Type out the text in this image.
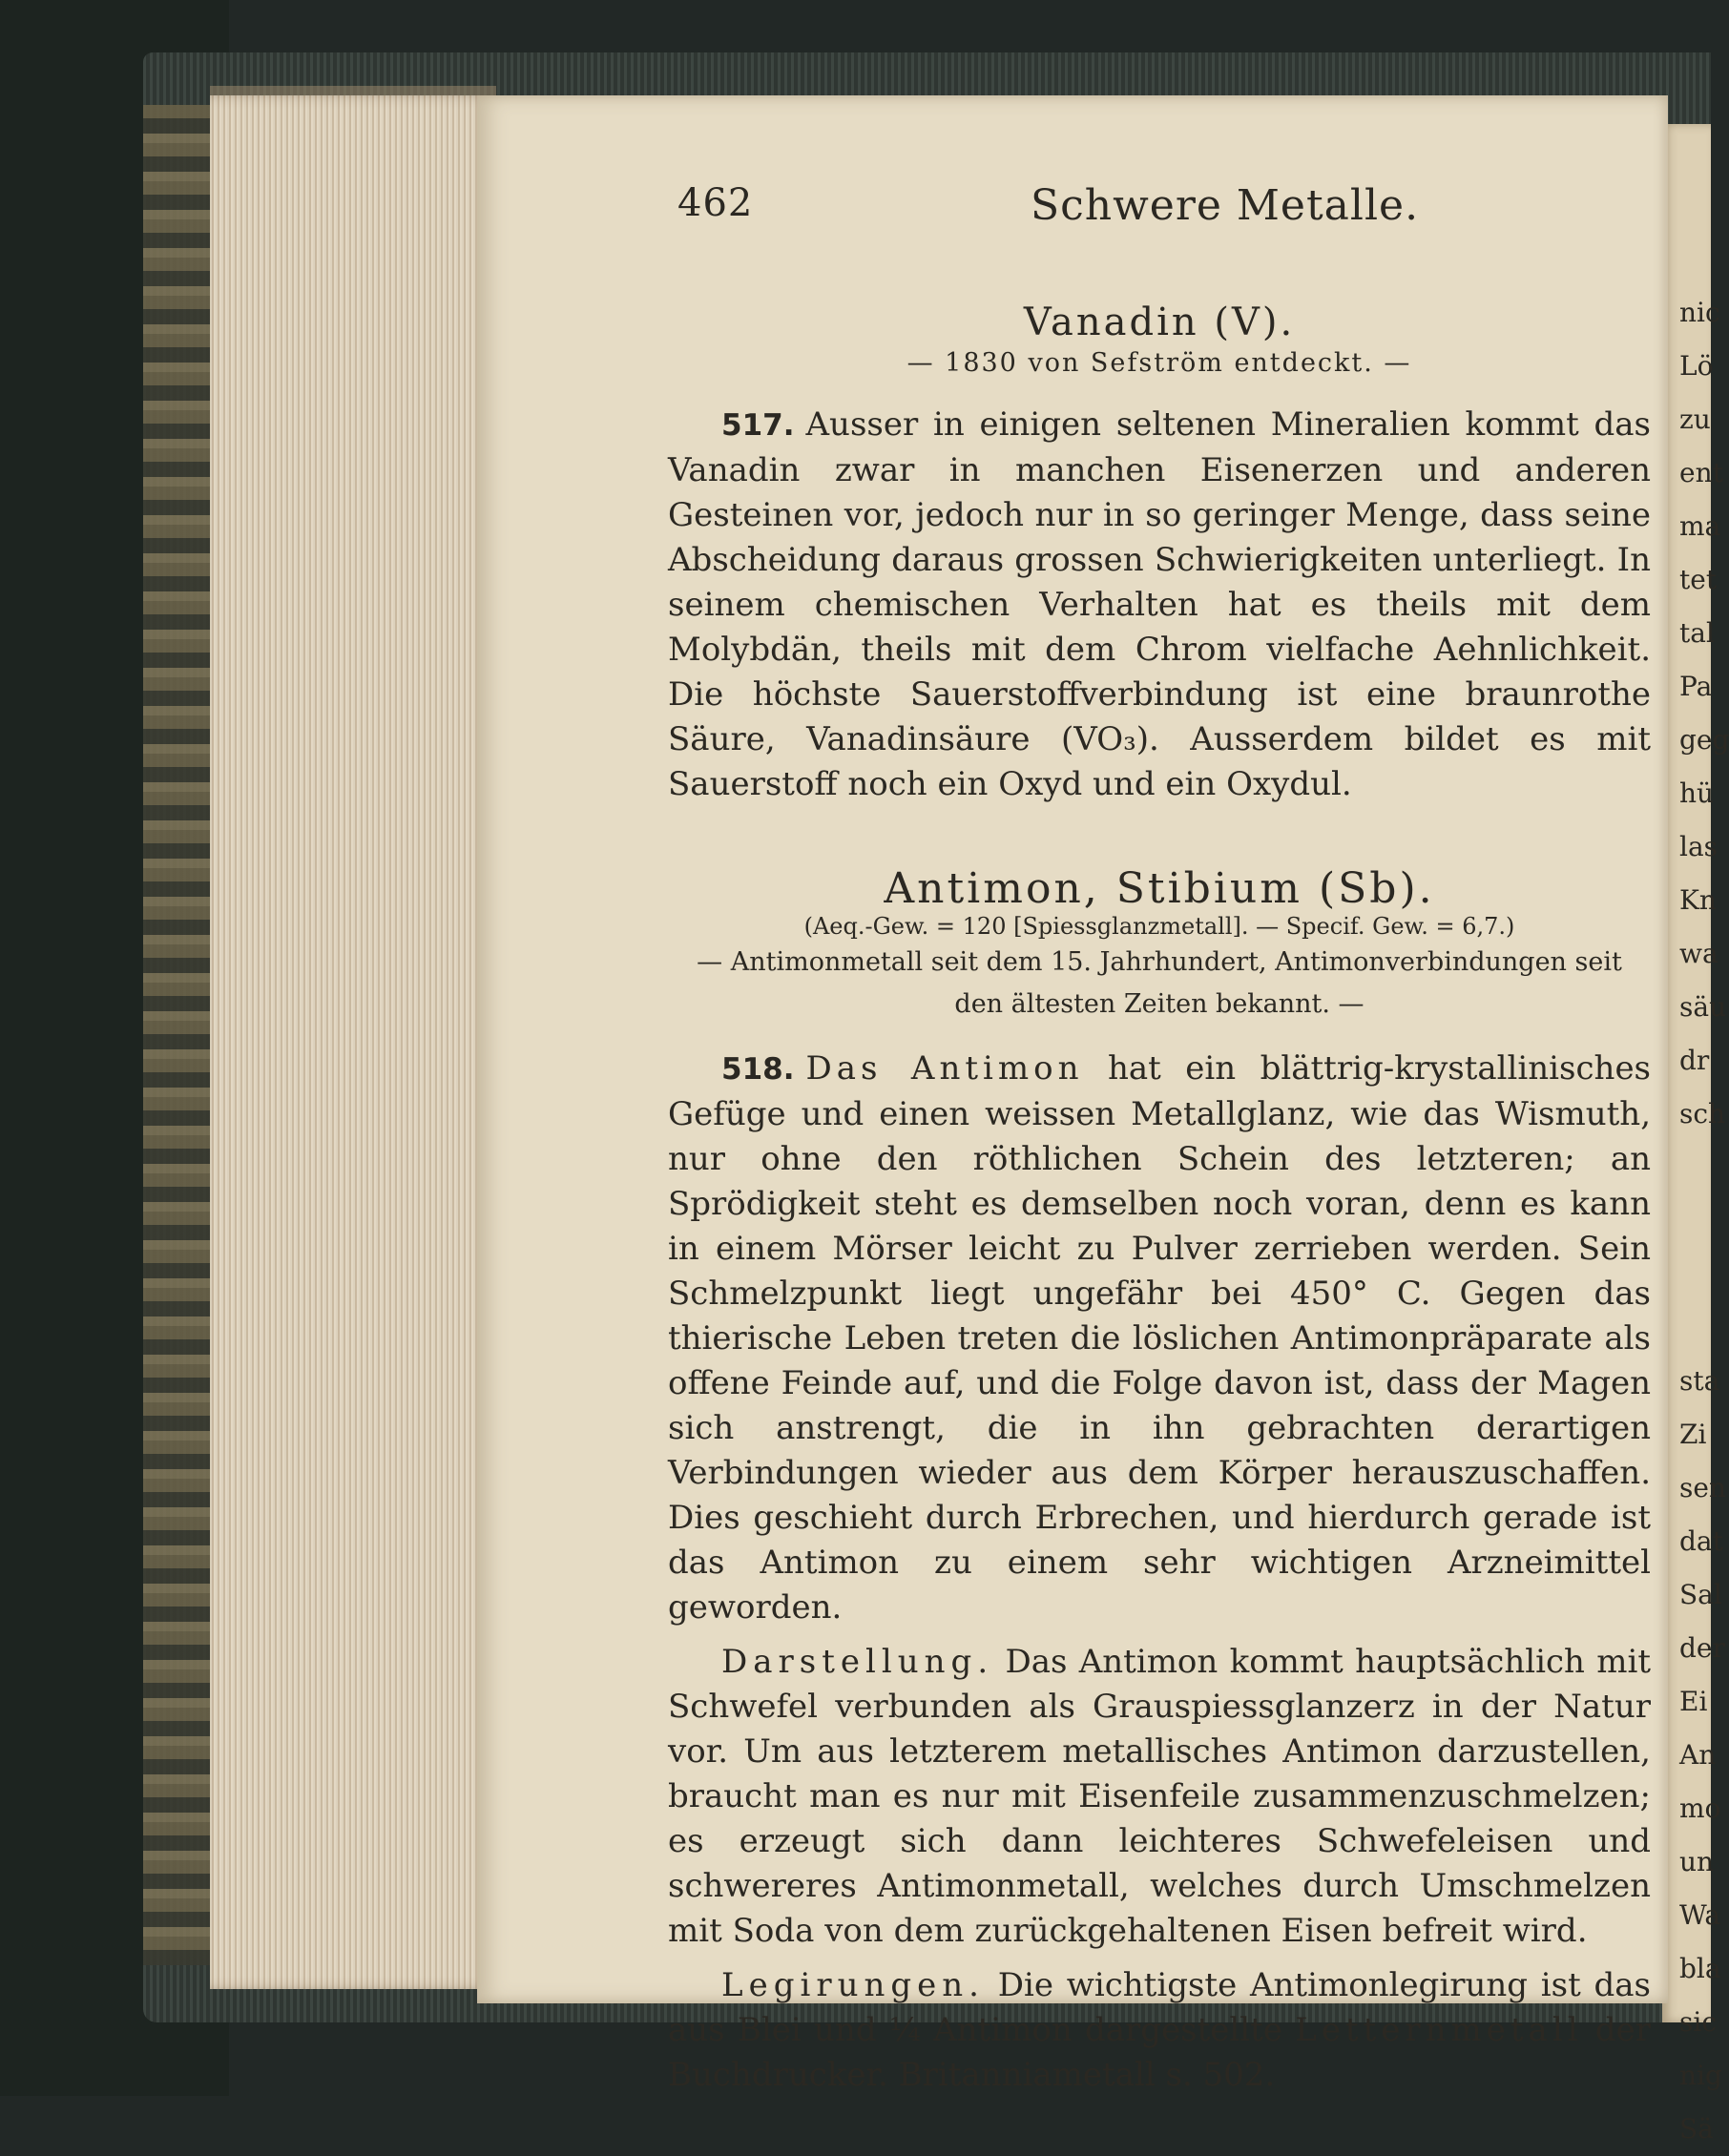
nic
Lö
zu
ent
ma
tet
tal
Pa
geg
hü
las
Kn
wa
säu
dr
sch

sta
Zi
sen
dat
Sal
der
Ei
An
mo
un
Wa
bla
sic
nig
Sä
462	Schwere Metalle.
Vanadin (V).
— 1830 von Sefström entdeckt. —

517. Ausser in einigen seltenen Mineralien kommt das Vanadin zwar in manchen Eisenerzen und anderen Gesteinen vor, jedoch nur in so geringer Menge, dass seine Abscheidung daraus grossen Schwierigkeiten unterliegt. In seinem chemischen Verhalten hat es theils mit dem Molybdän, theils mit dem Chrom vielfache Aehnlichkeit. Die höchste Sauerstoffverbindung ist eine braunrothe Säure, Vanadinsäure (VO₃). Ausserdem bildet es mit Sauerstoff noch ein Oxyd und ein Oxydul.

Antimon, Stibium (Sb).
(Aeq.-Gew. = 120 [Spiessglanzmetall]. — Specif. Gew. = 6,7.)
— Antimonmetall seit dem 15. Jahrhundert, Antimonverbindungen seit den ältesten Zeiten bekannt. —

518. Das Antimon hat ein blättrig-krystallinisches Gefüge und einen weissen Metallglanz, wie das Wismuth, nur ohne den röthlichen Schein des letzteren; an Sprödigkeit steht es demselben noch voran, denn es kann in einem Mörser leicht zu Pulver zerrieben werden. Sein Schmelzpunkt liegt ungefähr bei 450° C. Gegen das thierische Leben treten die löslichen Antimonpräparate als offene Feinde auf, und die Folge davon ist, dass der Magen sich anstrengt, die in ihn gebrachten derartigen Verbindungen wieder aus dem Körper herauszuschaffen. Dies geschieht durch Erbrechen, und hierdurch gerade ist das Antimon zu einem sehr wichtigen Arzneimittel geworden.

Darstellung. Das Antimon kommt hauptsächlich mit Schwefel verbunden als Grauspiessglanzerz in der Natur vor. Um aus letzterem metallisches Antimon darzustellen, braucht man es nur mit Eisenfeile zusammenzuschmelzen; es erzeugt sich dann leichteres Schwefeleisen und schwereres Antimonmetall, welches durch Umschmelzen mit Soda von dem zurückgehaltenen Eisen befreit wird.

Legirungen. Die wichtigste Antimonlegirung ist das aus Blei und ¼ Antimon dargestellte Letternmetall der Buchdrucker. Britanniametall s. 502.
